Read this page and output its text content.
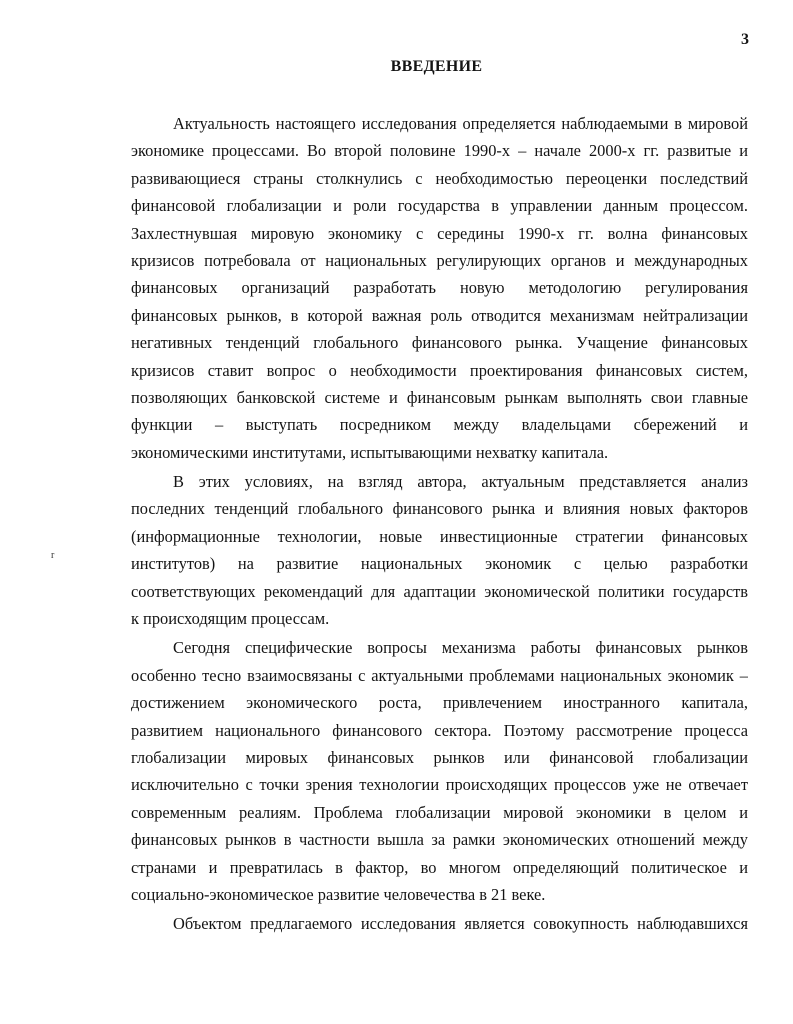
3
ВВЕДЕНИЕ
r
Актуальность настоящего исследования определяется наблюдаемыми в мировой
экономике процессами. Во второй половине 1990-х – начале 2000-х гг. развитые и
развивающиеся страны столкнулись с необходимостью переоценки последствий
финансовой глобализации и роли государства в управлении данным процессом.
Захлестнувшая мировую экономику с середины 1990-х гг. волна финансовых
кризисов потребовала от национальных регулирующих органов и международных
финансовых организаций разработать новую методологию регулирования
финансовых рынков, в которой важная роль отводится механизмам нейтрализации
негативных тенденций глобального финансового рынка. Учащение финансовых
кризисов ставит вопрос о необходимости проектирования финансовых систем,
позволяющих банковской системе и финансовым рынкам выполнять свои главные
функции – выступать посредником между владельцами сбережений и
экономическими институтами, испытывающими нехватку капитала.
В этих условиях, на взгляд автора, актуальным представляется анализ
последних тенденций глобального финансового рынка и влияния новых факторов
(информационные технологии, новые инвестиционные стратегии финансовых
институтов) на развитие национальных экономик с целью разработки
соответствующих рекомендаций для адаптации экономической политики государств
к происходящим процессам.
Сегодня специфические вопросы механизма работы финансовых рынков
особенно тесно взаимосвязаны с актуальными проблемами национальных экономик –
достижением экономического роста, привлечением иностранного капитала,
развитием национального финансового сектора. Поэтому рассмотрение процесса
глобализации мировых финансовых рынков или финансовой глобализации
исключительно с точки зрения технологии происходящих процессов уже не отвечает
современным реалиям. Проблема глобализации мировой экономики в целом и
финансовых рынков в частности вышла за рамки экономических отношений между
странами и превратилась в фактор, во многом определяющий политическое и
социально-экономическое развитие человечества в 21 веке.
Объектом предлагаемого исследования является совокупность наблюдавшихся
